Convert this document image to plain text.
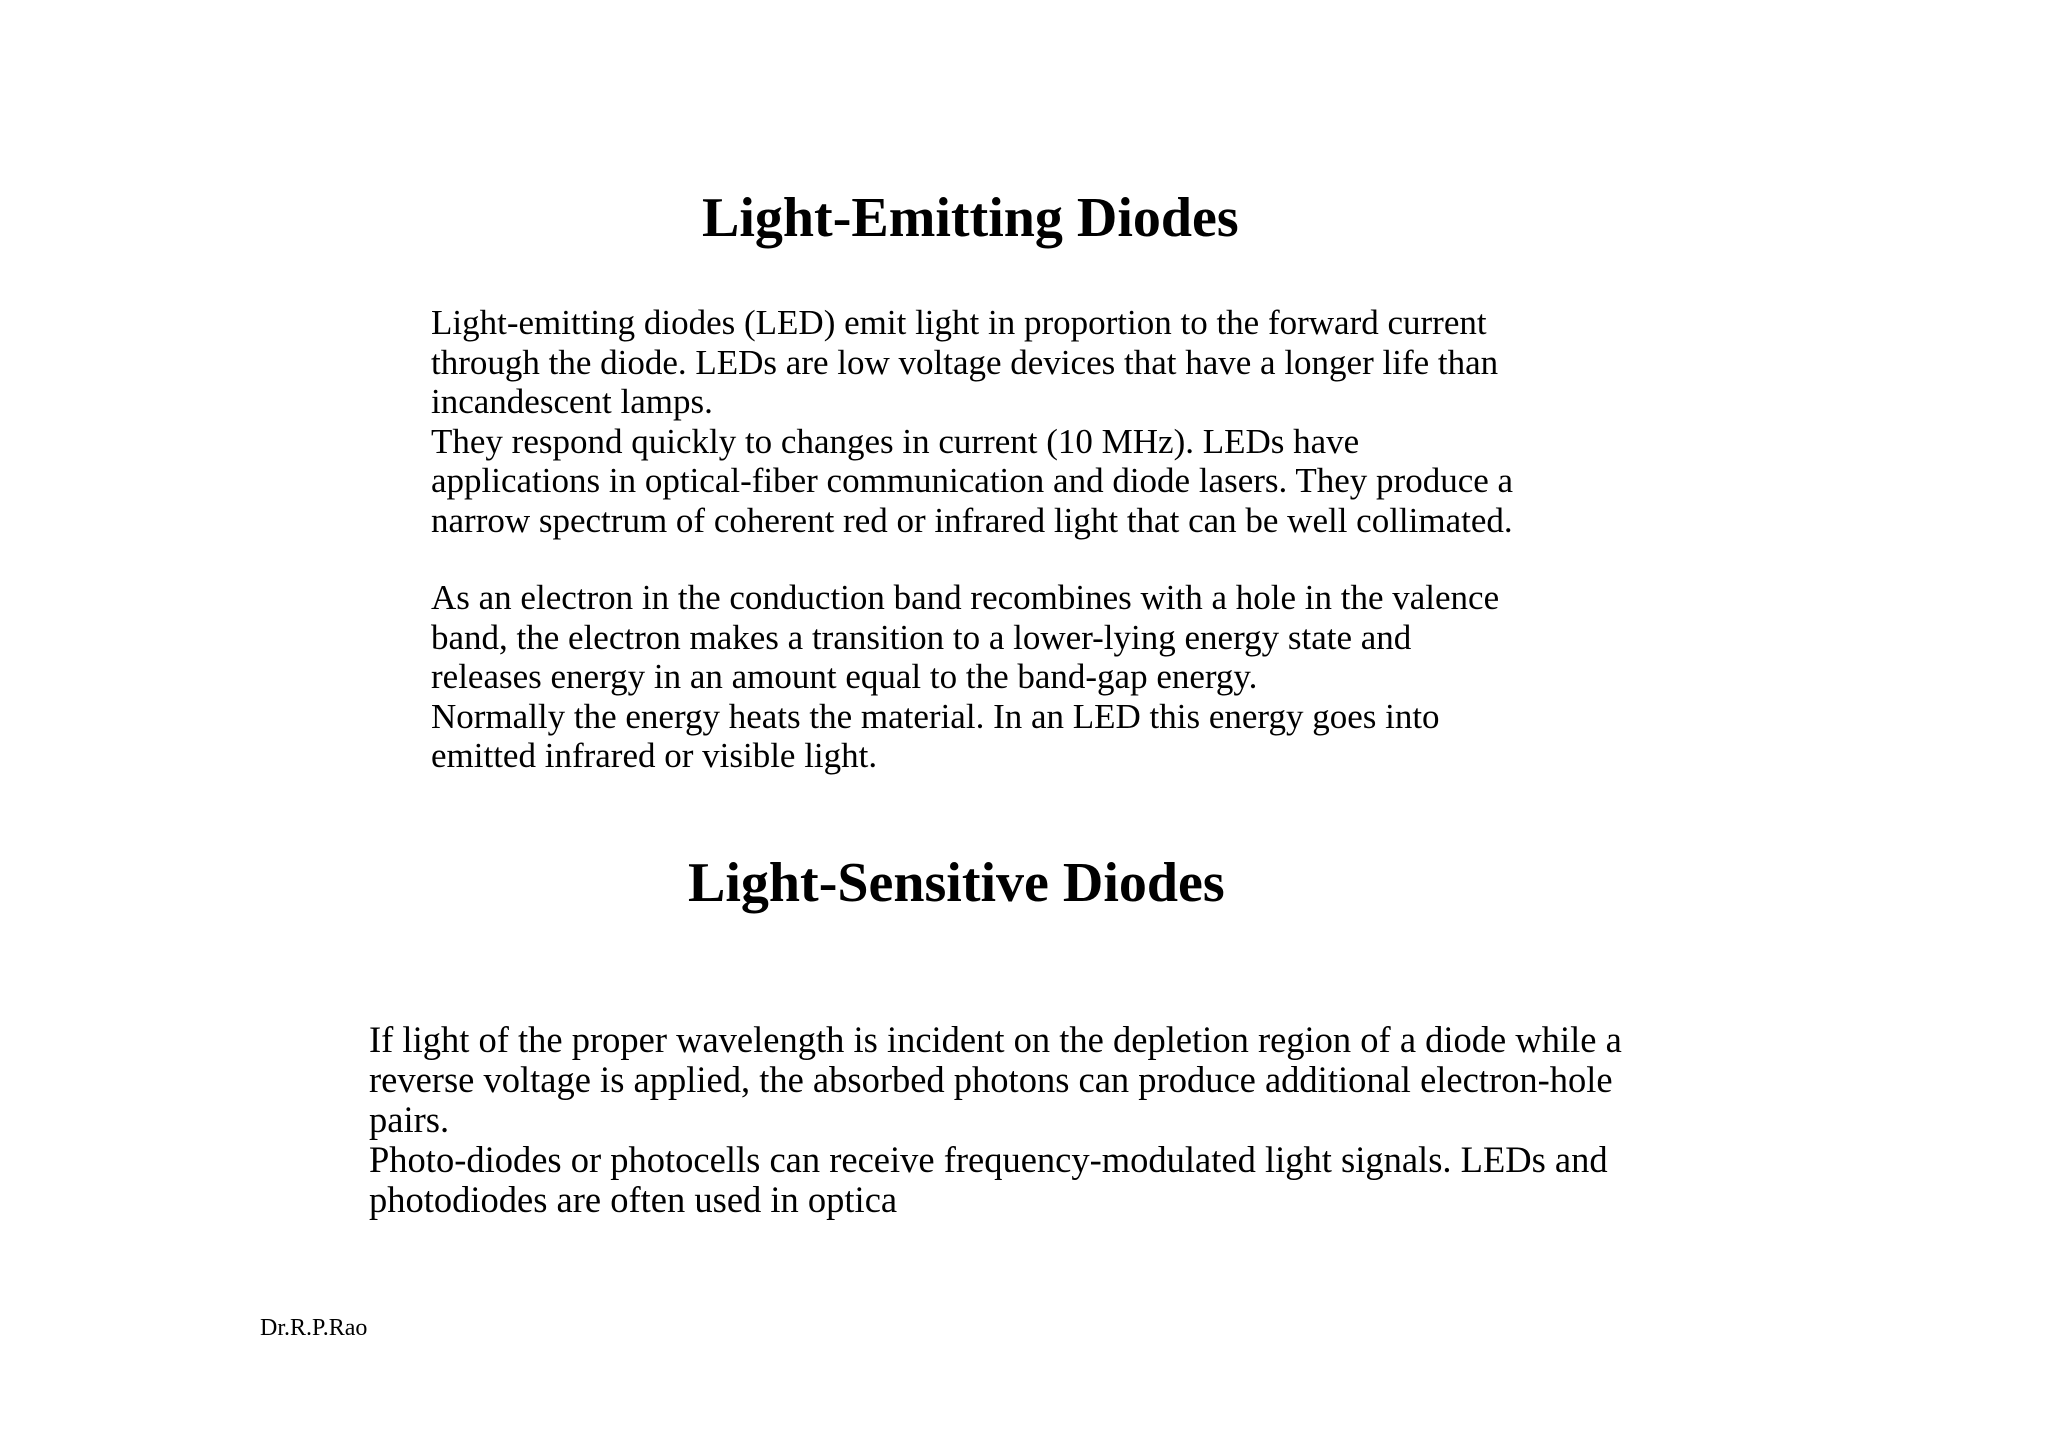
Light-Emitting Diodes
Light-emitting diodes (LED) emit light in proportion to the forward current
through the diode. LEDs are low voltage devices that have a longer life than
incandescent lamps.
They respond quickly to changes in current (10 MHz). LEDs have
applications in optical-fiber communication and diode lasers. They produce a
narrow spectrum of coherent red or infrared light that can be well collimated.
As an electron in the conduction band recombines with a hole in the valence
band, the electron makes a transition to a lower-lying energy state and
releases energy in an amount equal to the band-gap energy.
Normally the energy heats the material. In an LED this energy goes into
emitted infrared or visible light.
Light-Sensitive Diodes
If light of the proper wavelength is incident on the depletion region of a diode while a
reverse voltage is applied, the absorbed photons can produce additional electron-hole
pairs.
Photo-diodes or photocells can receive frequency-modulated light signals. LEDs and
photodiodes are often used in optica
Dr.R.P.Rao
